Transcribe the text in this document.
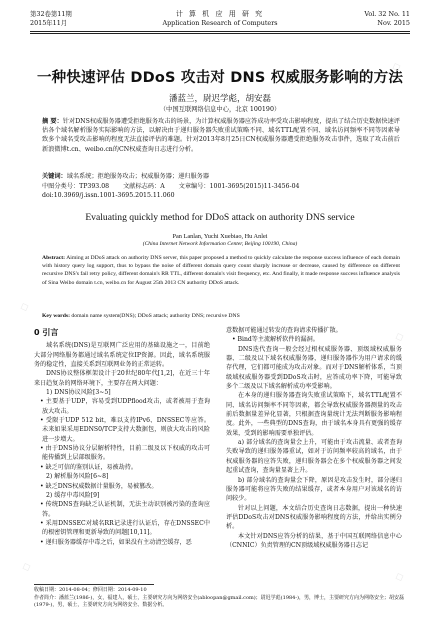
第32卷第11期
2015年11月
计 算 机 应 用 研 究
Application Research of Computers
Vol. 32 No. 11
Nov. 2015
一种快速评估 DDoS 攻击对 DNS 权威服务影响的方法
潘蓝兰，尉迟学彪，胡安磊
（中国互联网络信息中心，北京 100190）
摘 要：针对DNS权威服务器遭受拒绝服务攻击的场景，为计算权威服务器应答成功率受攻击影响程度，提出了结合历史数据快速评估各个域名解析服务实际影响的方法，以解决由于递归服务器失败重试策略不同、域名TTL配置不同、域名访问频率不同等因素导致多个域名受攻击影响的程度无法直接评估的难题。针对2013年8月25日CN权威服务器遭受拒绝服务攻击事件，选取了攻击前后新浪微博t.cn、weibo.cn的CN权威查询日志进行分析。
关键词：域名系统；拒绝服务攻击；权威服务器；递归服务器
中图分类号：TP393.08 文献标志码：A 文章编号：1001-3695(2015)11-3456-04
doi:10.3969/j.issn.1001-3695.2015.11.060
Evaluating quickly method for DDoS attack on authority DNS service
Pan Lanlan, Yuchi Xuebiao, Hu Anlei
(China Internet Network Information Center, Beijing 100190, China)
Abstract: Aiming at DDoS attack on authority DNS server, this paper proposed a method to quickly calculate the response success influence of each domain with history query log support, thus to bypass the noise of different domain query count sharply increase or decrease, caused by difference on different recursive DNS's fail retry policy, different domain's RR TTL, different domain's visit frequency, etc. And finally, it made response success influence analysis of Sina Weibo domain t.cn, weibo.cn for August 25th 2013 CN authority DDoS attack.
Key words: domain name system(DNS); DDoS attack; authority DNS; recursive DNS
0 引言
域名系统(DNS)是互联网广泛应用的基础设施之一，目前绝大部分网络服务都通过域名系统定位IP资源。因此，域名系统服务的稳定性，直接关系到互联网业务的正常运转。
DNS协议整体框架设计于20世纪80年代[1,2]，在近三十年来日趋复杂的网络环境下，主要存在两大问题：
1) DNS协议风险[3~5]
• 主要基于UDP，容易受到UDPflood攻击，或者被用于查询放大攻击。
• 受限于UDP 512 bit，难以支持IPv6、DNSSEC等应答。未来如果采用EDNS0/TCP支持大数据包，则放大攻击的风险进一步增大。
• 由于DNS协议分层解析特性，目前二级及以下权威的攻击可能传播到上层部级服务。
• 缺乏可信的鉴别认证，易被劫持。
2) 解析服务风险[6~8]
• 缺乏DNS权威数据计量服务，易被篡改。
2) 缓存中毒风险[9]
• 传统DNS查询缺乏认证机制，无法主动识别被污染的查询应答。
• 采用DNSSEC对域名RR记录进行认证后，存在DNSSEC中的根密钥管理和更新导致的问题[10,11]。
• 递归服务器缓存中毒之后，如果没有主动清空缓存，恶
意数据可能通过转发的查询请求传播扩散。
• Bind等主流解析软件的漏洞。
DNS迭代查询一般会经过根权威服务器、顶级域权威服务器、二级及以下域名权威服务器，递归服务器作为用户请求的缓存代理，它们都可能成为攻击对象。而对于DNS解析体系，当顶级域权威服务器受到DDoS攻击时，应答成功率下降，可能导致多个二级及以下域名解析成功率受影响。
在本身的递归服务器查询失败重试策略下，域名TTL配置不同、域名访问频率不同等因素，都会导致权威服务器测量的攻击前后数据量差异化显著，只根据查询量统计无法判断服务影响程度。此外，一些典型的DNS查询，由于域名本身具有更强的缓存效果，受到的影响需要单独评估。
a) 部分域名的查询量会上升，可能由于攻击流量、或者查询失败导致的递归服务器重试，如对于访问频率较高的域名，由于权威服务器的应答失败，递归服务器会在多个权威服务器之间发起重试查询，查询量显著上升。
b) 部分域名的查询量会下降，原因是攻击发生时，部分递归服务器可能将应答失败的结果缓存，或者本身用户对该域名的访问较少。
针对以上问题，本文结合历史查询日志数据，提出一种快速评估DDoS攻击对DNS权威服务影响程度的方法，并给出实例分析。
本文针对DNS应答分析的结果，基于中国互联网络信息中心（CNNIC）负责管理的CN顶级域权威服务器日志记
收稿日期：2014-08-04；修回日期：2014-09-10
作者简介：潘蓝兰(1986-)，女，福建人，硕士，主要研究方向为网络安全(abloopan@gmail.com)；尉迟学彪(1984-)，男，博士，主要研究方向为网络安全；胡安磊(1979-)，男，硕士，主要研究方向为网络安全、数据分析。
◇
◇
◇
◇
◇
